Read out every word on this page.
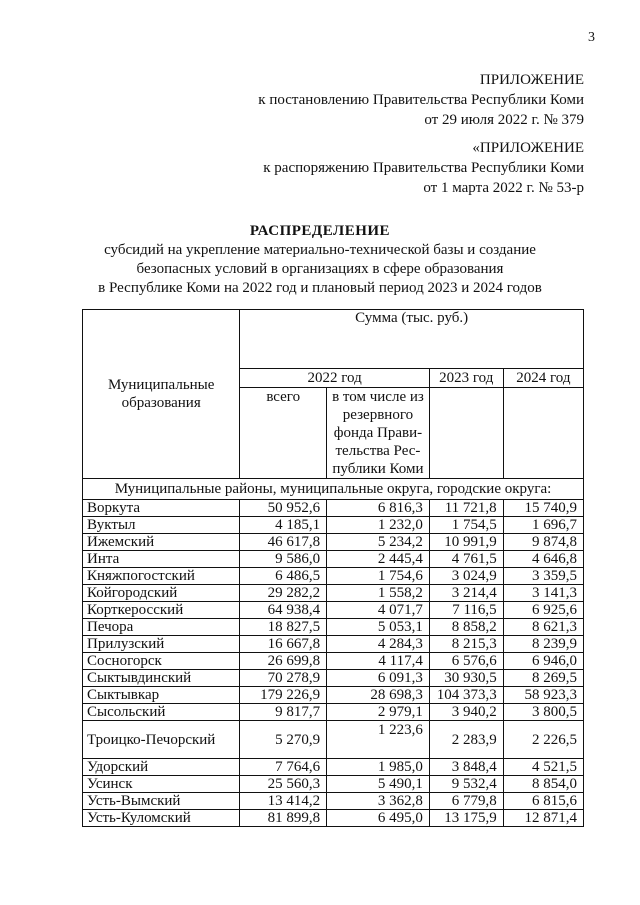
3
ПРИЛОЖЕНИЕ
к постановлению Правительства Республики Коми
от 29 июля 2022 г. № 379
«ПРИЛОЖЕНИЕ
к распоряжению Правительства Республики Коми
от 1 марта 2022 г. № 53-р
РАСПРЕДЕЛЕНИЕ
субсидий на укрепление материально-технической базы и создание
безопасных условий в организациях в сфере образования
в Республике Коми на 2022 год и плановый период 2023 и 2024 годов
Муниципальные образования	Сумма (тыс. руб.)			
	2022 год		2023 год	2024 год
	всего	в том числе из резервного фонда Прави-тельства Рес-публики Коми		
Муниципальные районы, муниципальные округа, городские округа:				
Воркута	50 952,6	6 816,3	11 721,8	15 740,9
Вуктыл	4 185,1	1 232,0	1 754,5	1 696,7
Ижемский	46 617,8	5 234,2	10 991,9	9 874,8
Инта	9 586,0	2 445,4	4 761,5	4 646,8
Княжпогостский	6 486,5	1 754,6	3 024,9	3 359,5
Койгородский	29 282,2	1 558,2	3 214,4	3 141,3
Корткеросский	64 938,4	4 071,7	7 116,5	6 925,6
Печора	18 827,5	5 053,1	8 858,2	8 621,3
Прилузский	16 667,8	4 284,3	8 215,3	8 239,9
Сосногорск	26 699,8	4 117,4	6 576,6	6 946,0
Сыктывдинский	70 278,9	6 091,3	30 930,5	8 269,5
Сыктывкар	179 226,9	28 698,3	104 373,3	58 923,3
Сысольский	9 817,7	2 979,1	3 940,2	3 800,5
Троицко-Печорский	5 270,9	1 223,6	2 283,9	2 226,5
Удорский	7 764,6	1 985,0	3 848,4	4 521,5
Усинск	25 560,3	5 490,1	9 532,4	8 854,0
Усть-Вымский	13 414,2	3 362,8	6 779,8	6 815,6
Усть-Куломский	81 899,8	6 495,0	13 175,9	12 871,4
